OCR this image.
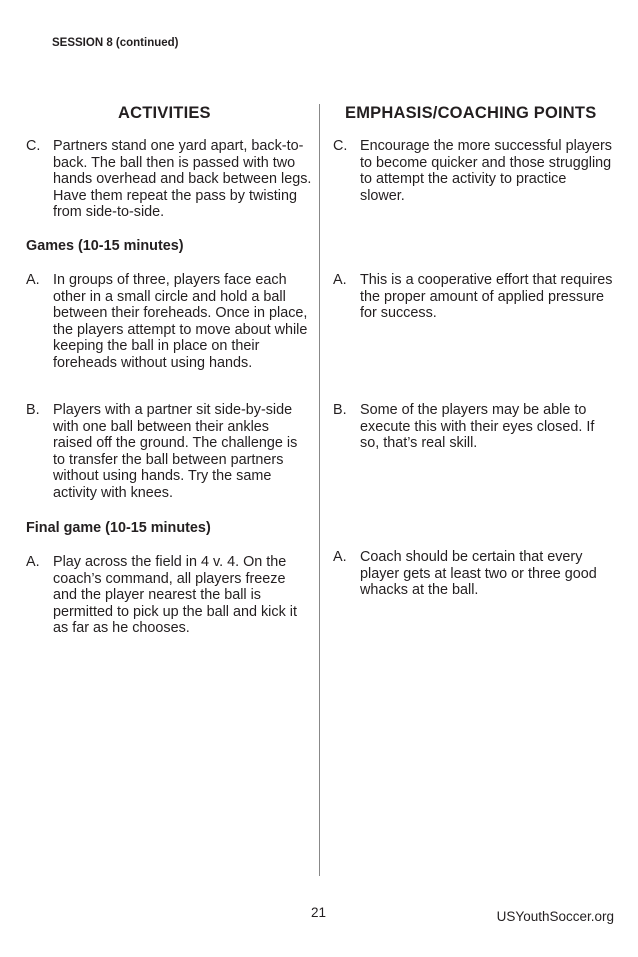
SESSION 8 (continued)
ACTIVITIES	EMPHASIS/COACHING POINTS
C. Partners stand one yard apart, back-to-back. The ball then is passed with two hands overhead and back between legs. Have them repeat the pass by twisting from side-to-side.
Games (10-15 minutes)
A. In groups of three, players face each other in a small circle and hold a ball between their foreheads. Once in place, the players attempt to move about while keeping the ball in place on their foreheads without using hands.
B. Players with a partner sit side-by-side with one ball between their ankles raised off the ground. The challenge is to transfer the ball between partners without using hands. Try the same activity with knees.
Final game (10-15 minutes)
A. Play across the field in 4 v. 4. On the coach’s command, all players freeze and the player nearest the ball is permitted to pick up the ball and kick it as far as he chooses.
C. Encourage the more successful players to become quicker and those struggling to attempt the activity to practice slower.
A. This is a cooperative effort that requires the proper amount of applied pressure for success.
B. Some of the players may be able to execute this with their eyes closed. If so, that’s real skill.
A. Coach should be certain that every player gets at least two or three good whacks at the ball.
21	USYouthSoccer.org
